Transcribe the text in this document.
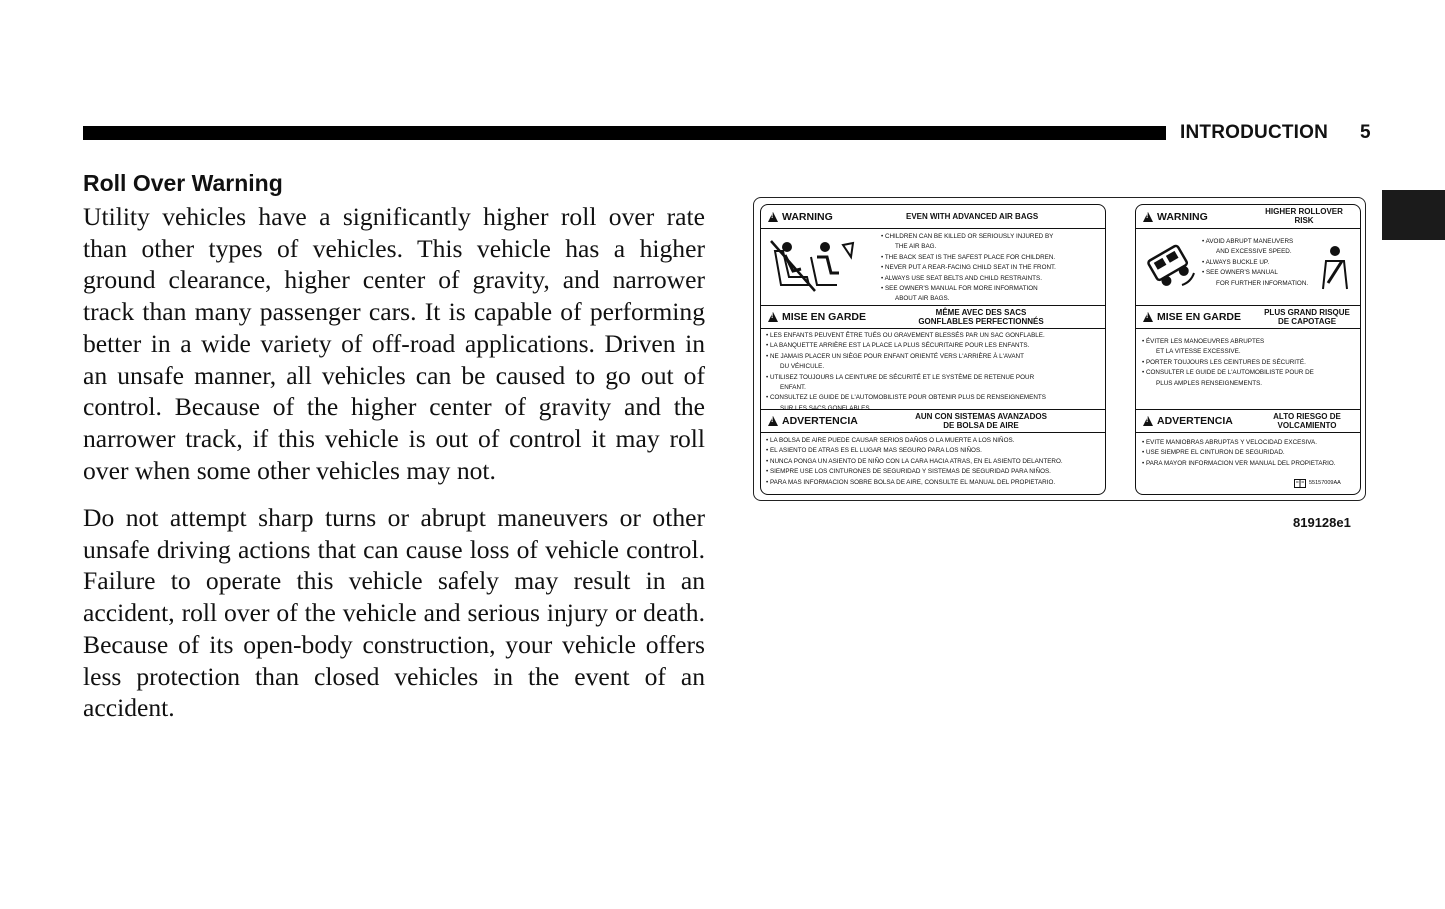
INTRODUCTION 5
Roll Over Warning

Utility vehicles have a significantly higher roll over rate than other types of vehicles. This vehicle has a higher ground clearance, higher center of gravity, and narrower track than many passenger cars. It is capable of performing better in a wide variety of off-road applications. Driven in an unsafe manner, all vehicles can be caused to go out of control. Because of the higher center of gravity and the narrower track, if this vehicle is out of control it may roll over when some other vehicles may not.

Do not attempt sharp turns or abrupt maneuvers or other unsafe driving actions that can cause loss of vehicle control. Failure to operate this vehicle safely may result in an accident, roll over of the vehicle and serious injury or death. Because of its open-body construction, your vehicle offers less protection than closed vehicles in the event of an accident.

!
WARNING	EVEN WITH ADVANCED AIR BAGS
• CHILDREN CAN BE KILLED OR SERIOUSLY INJURED BY
THE AIR BAG.
• THE BACK SEAT IS THE SAFEST PLACE FOR CHILDREN.
• NEVER PUT A REAR-FACING CHILD SEAT IN THE FRONT.
• ALWAYS USE SEAT BELTS AND CHILD RESTRAINTS.
• SEE OWNER'S MANUAL FOR MORE INFORMATION
ABOUT AIR BAGS.
!
MISE EN GARDE	MÊME AVEC DES SACS
GONFLABLES PERFECTIONNÉS
• LES ENFANTS PEUVENT ÊTRE TUÉS OU GRAVEMENT BLESSÉS PAR UN SAC GONFLABLE.
• LA BANQUETTE ARRIÈRE EST LA PLACE LA PLUS SÉCURITAIRE POUR LES ENFANTS.
• NE JAMAIS PLACER UN SIÈGE POUR ENFANT ORIENTÉ VERS L'ARRIÈRE À L'AVANT
DU VÉHICULE.
• UTILISEZ TOUJOURS LA CEINTURE DE SÉCURITÉ ET LE SYSTÈME DE RETENUE POUR
ENFANT.
• CONSULTEZ LE GUIDE DE L'AUTOMOBILISTE POUR OBTENIR PLUS DE RENSEIGNEMENTS
SUR LES SACS GONFLABLES.
!
ADVERTENCIA	AUN CON SISTEMAS AVANZADOS
DE BOLSA DE AIRE
• LA BOLSA DE AIRE PUEDE CAUSAR SERIOS DAÑOS O LA MUERTE A LOS NIÑOS.
• EL ASIENTO DE ATRAS ES EL LUGAR MAS SEGURO PARA LOS NIÑOS.
• NUNCA PONGA UN ASIENTO DE NIÑO CON LA CARA HACIA ATRAS, EN EL ASIENTO DELANTERO.
• SIEMPRE USE LOS CINTURONES DE SEGURIDAD Y SISTEMAS DE SEGURIDAD PARA NIÑOS.
• PARA MAS INFORMACION SOBRE BOLSA DE AIRE, CONSULTE EL MANUAL DEL PROPIETARIO.
!
WARNING	HIGHER ROLLOVER
RISK
• AVOID ABRUPT MANEUVERS
AND EXCESSIVE SPEED.
• ALWAYS BUCKLE UP.
• SEE OWNER'S MANUAL
FOR FURTHER INFORMATION.
!
MISE EN GARDE	PLUS GRAND RISQUE
DE CAPOTAGE
• ÉVITER LES MANOEUVRES ABRUPTES
ET LA VITESSE EXCESSIVE.
• PORTER TOUJOURS LES CEINTURES DE SÉCURITÉ.
• CONSULTER LE GUIDE DE L'AUTOMOBILISTE POUR DE
PLUS AMPLES RENSEIGNEMENTS.
!
ADVERTENCIA	ALTO RIESGO DE
VOLCAMIENTO
• EVITE MANIOBRAS ABRUPTAS Y VELOCIDAD EXCESIVA.
• USE SIEMPRE EL CINTURON DE SEGURIDAD.
• PARA MAYOR INFORMACION VER MANUAL DEL PROPIETARIO.
55157009AA
819128e1
